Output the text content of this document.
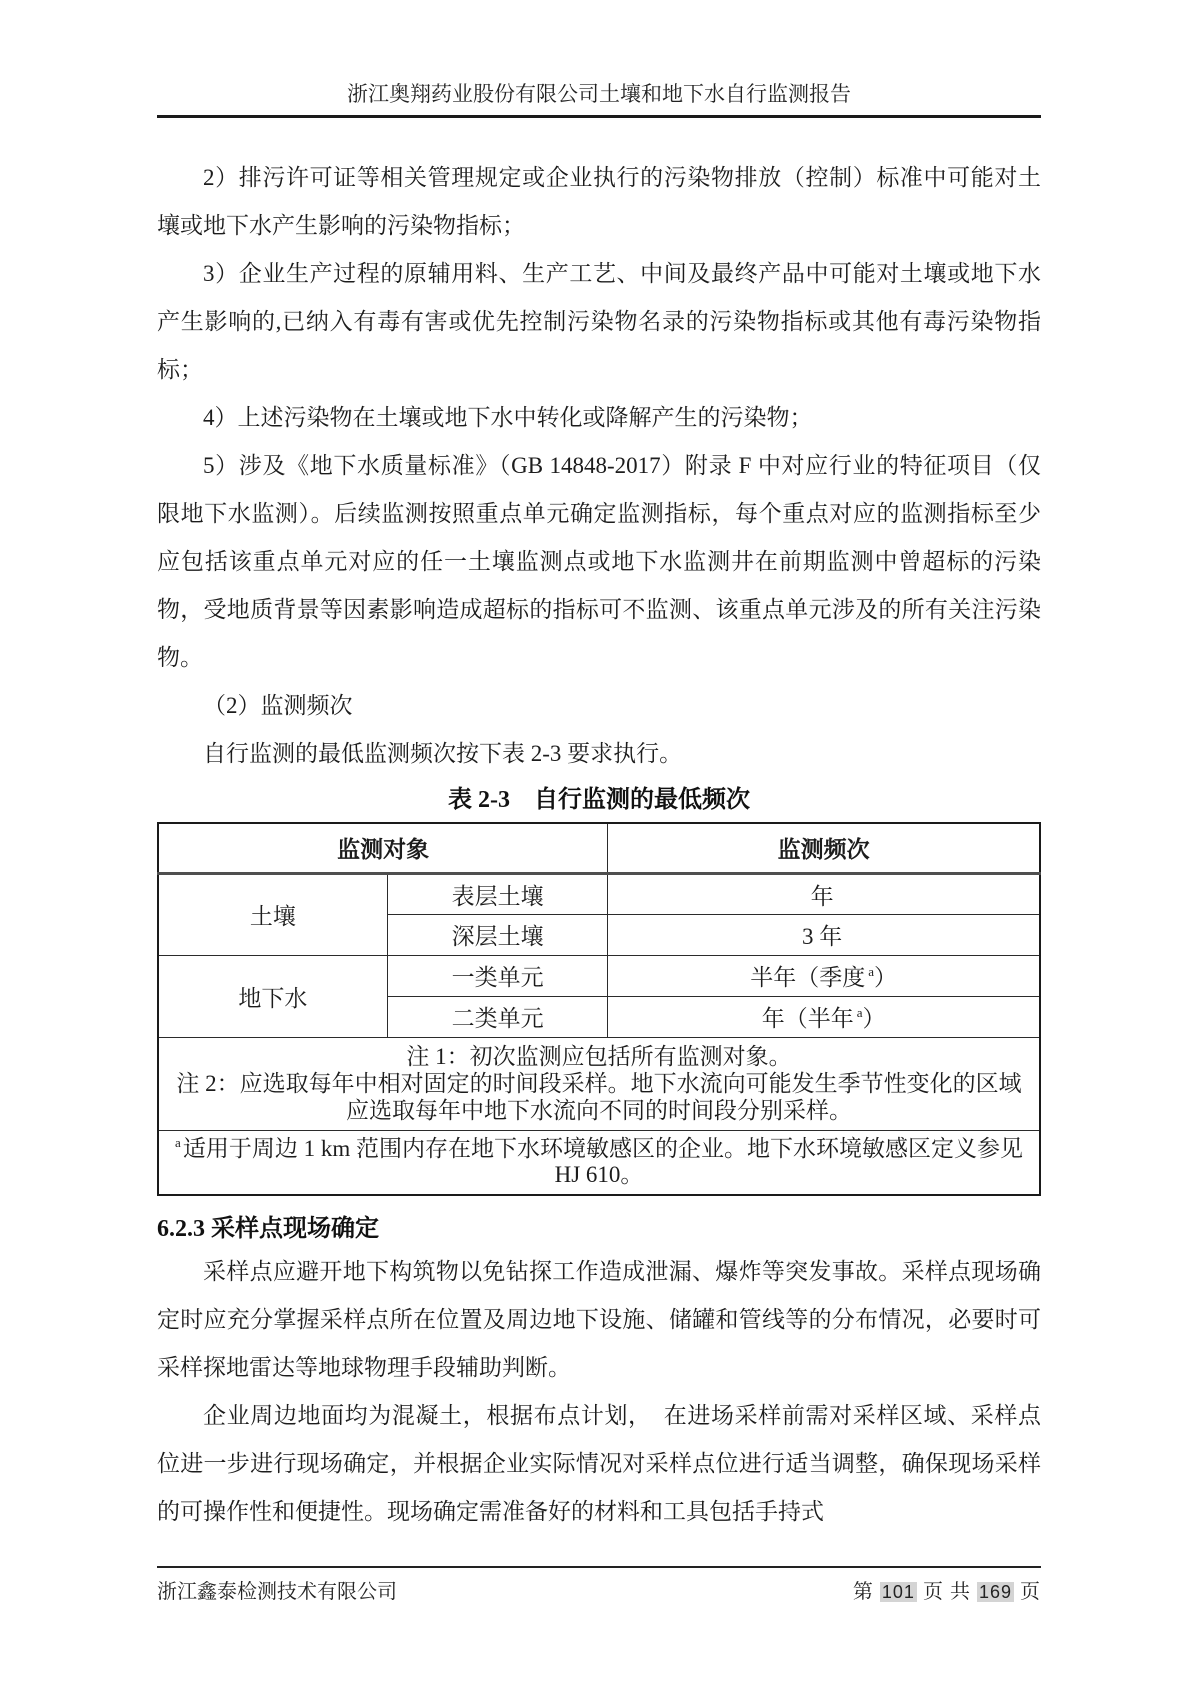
浙江奥翔药业股份有限公司土壤和地下水自行监测报告

2）排污许可证等相关管理规定或企业执行的污染物排放（控制）标准中可能对土壤或地下水产生影响的污染物指标；

3）企业生产过程的原辅用料、生产工艺、中间及最终产品中可能对土壤或地下水产生影响的,已纳入有毒有害或优先控制污染物名录的污染物指标或其他有毒污染物指标；

4）上述污染物在土壤或地下水中转化或降解产生的污染物；

5）涉及《地下水质量标准》（GB 14848-2017）附录 F 中对应行业的特征项目（仅限地下水监测）。后续监测按照重点单元确定监测指标，每个重点对应的监测指标至少应包括该重点单元对应的任一土壤监测点或地下水监测井在前期监测中曾超标的污染物，受地质背景等因素影响造成超标的指标可不监测、该重点单元涉及的所有关注污染物。

（2）监测频次

自行监测的最低监测频次按下表 2-3 要求执行。

表 2-3　自行监测的最低频次
监测对象		监测频次
土壤	表层土壤	年
	深层土壤	3 年
地下水	一类单元	半年（季度 $^a$）
	二类单元	年（半年 $^a$）

注 1：初次监测应包括所有监测对象。
注 2：应选取每年中相对固定的时间段采样。地下水流向可能发生季节性变化的区域应选取每年中地下水流向不同的时间段分别采样。		

$^a$适用于周边 1 km 范围内存在地下水环境敏感区的企业。地下水环境敏感区定义参见 HJ 610。		
6.2.3 采样点现场确定

采样点应避开地下构筑物以免钻探工作造成泄漏、爆炸等突发事故。采样点现场确定时应充分掌握采样点所在位置及周边地下设施、储罐和管线等的分布情况，必要时可采样探地雷达等地球物理手段辅助判断。

企业周边地面均为混凝土，根据布点计划，　在进场采样前需对采样区域、采样点位进一步进行现场确定，并根据企业实际情况对采样点位进行适当调整，确保现场采样的可操作性和便捷性。现场确定需准备好的材料和工具包括手持式

浙江鑫泰检测技术有限公司	第 101 页 共 169 页
